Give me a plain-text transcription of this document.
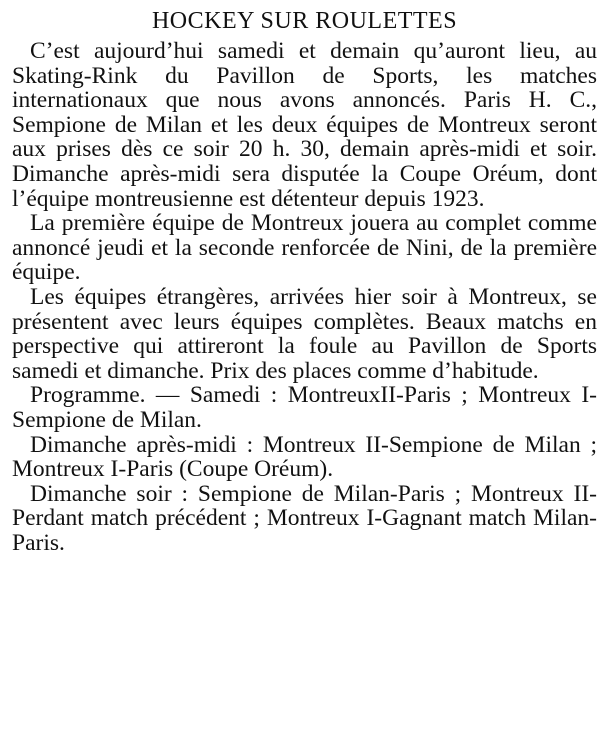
HOCKEY SUR ROULETTES

C’est aujourd’hui samedi et demain qu’auront lieu, au Skating-Rink du Pavillon de Sports, les matches internationaux que nous avons annoncés. Paris H. C., Sempione de Milan et les deux équipes de Montreux seront aux prises dès ce soir 20 h. 30, demain après-midi et soir. Dimanche après-midi sera disputée la Coupe Oréum, dont l’équipe montreusienne est détenteur depuis 1923.

La première équipe de Montreux jouera au complet comme annoncé jeudi et la seconde renforcée de Nini, de la première équipe.

Les équipes étrangères, arrivées hier soir à Montreux, se présentent avec leurs équipes complètes. Beaux matchs en perspective qui attireront la foule au Pavillon de Sports samedi et dimanche. Prix des places comme d’habitude.

Programme. — Samedi : MontreuxII-Paris ; Montreux I-Sempione de Milan.

Dimanche après-midi : Montreux II-Sempione de Milan ; Montreux I-Paris (Coupe Oréum).

Dimanche soir : Sempione de Milan-Paris ; Montreux II-Perdant match précédent ; Montreux I-Gagnant match Milan-Paris.
